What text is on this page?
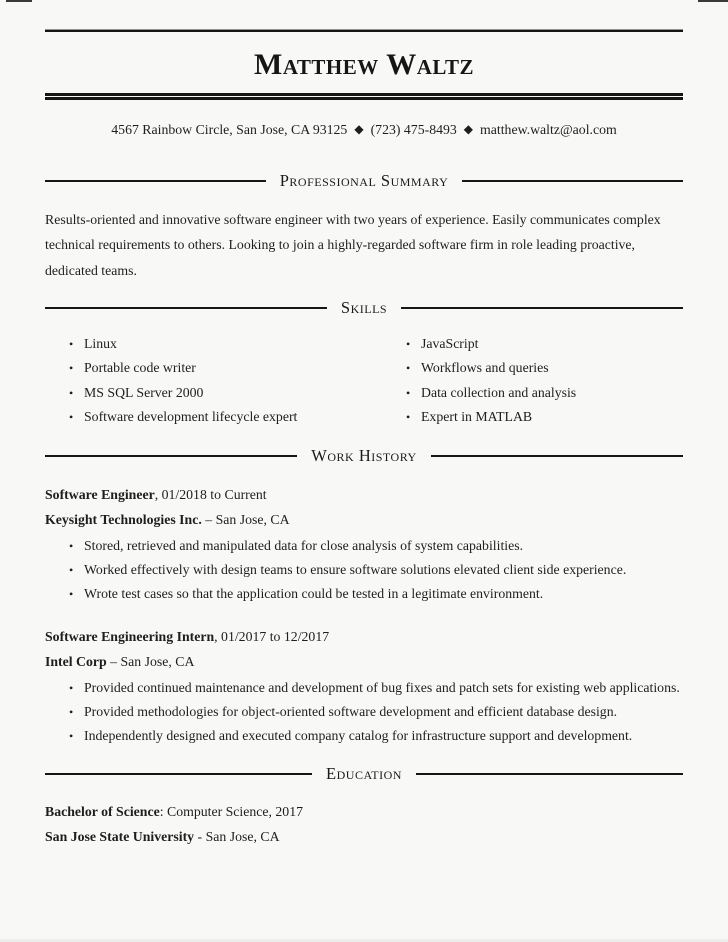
Matthew Waltz
4567 Rainbow Circle, San Jose, CA 93125 ◆ (723) 475-8493 ◆ matthew.waltz@aol.com
Professional Summary
Results-oriented and innovative software engineer with two years of experience. Easily communicates complex technical requirements to others. Looking to join a highly-regarded software firm in role leading proactive, dedicated teams.
Skills
• Linux
• Portable code writer
• MS SQL Server 2000
• Software development lifecycle expert
• JavaScript
• Workflows and queries
• Data collection and analysis
• Expert in MATLAB
Work History
Software Engineer, 01/2018 to Current
Keysight Technologies Inc. – San Jose, CA
• Stored, retrieved and manipulated data for close analysis of system capabilities.
• Worked effectively with design teams to ensure software solutions elevated client side experience.
• Wrote test cases so that the application could be tested in a legitimate environment.
Software Engineering Intern, 01/2017 to 12/2017
Intel Corp – San Jose, CA
• Provided continued maintenance and development of bug fixes and patch sets for existing web applications.
• Provided methodologies for object-oriented software development and efficient database design.
• Independently designed and executed company catalog for infrastructure support and development.
Education
Bachelor of Science: Computer Science, 2017
San Jose State University - San Jose, CA
